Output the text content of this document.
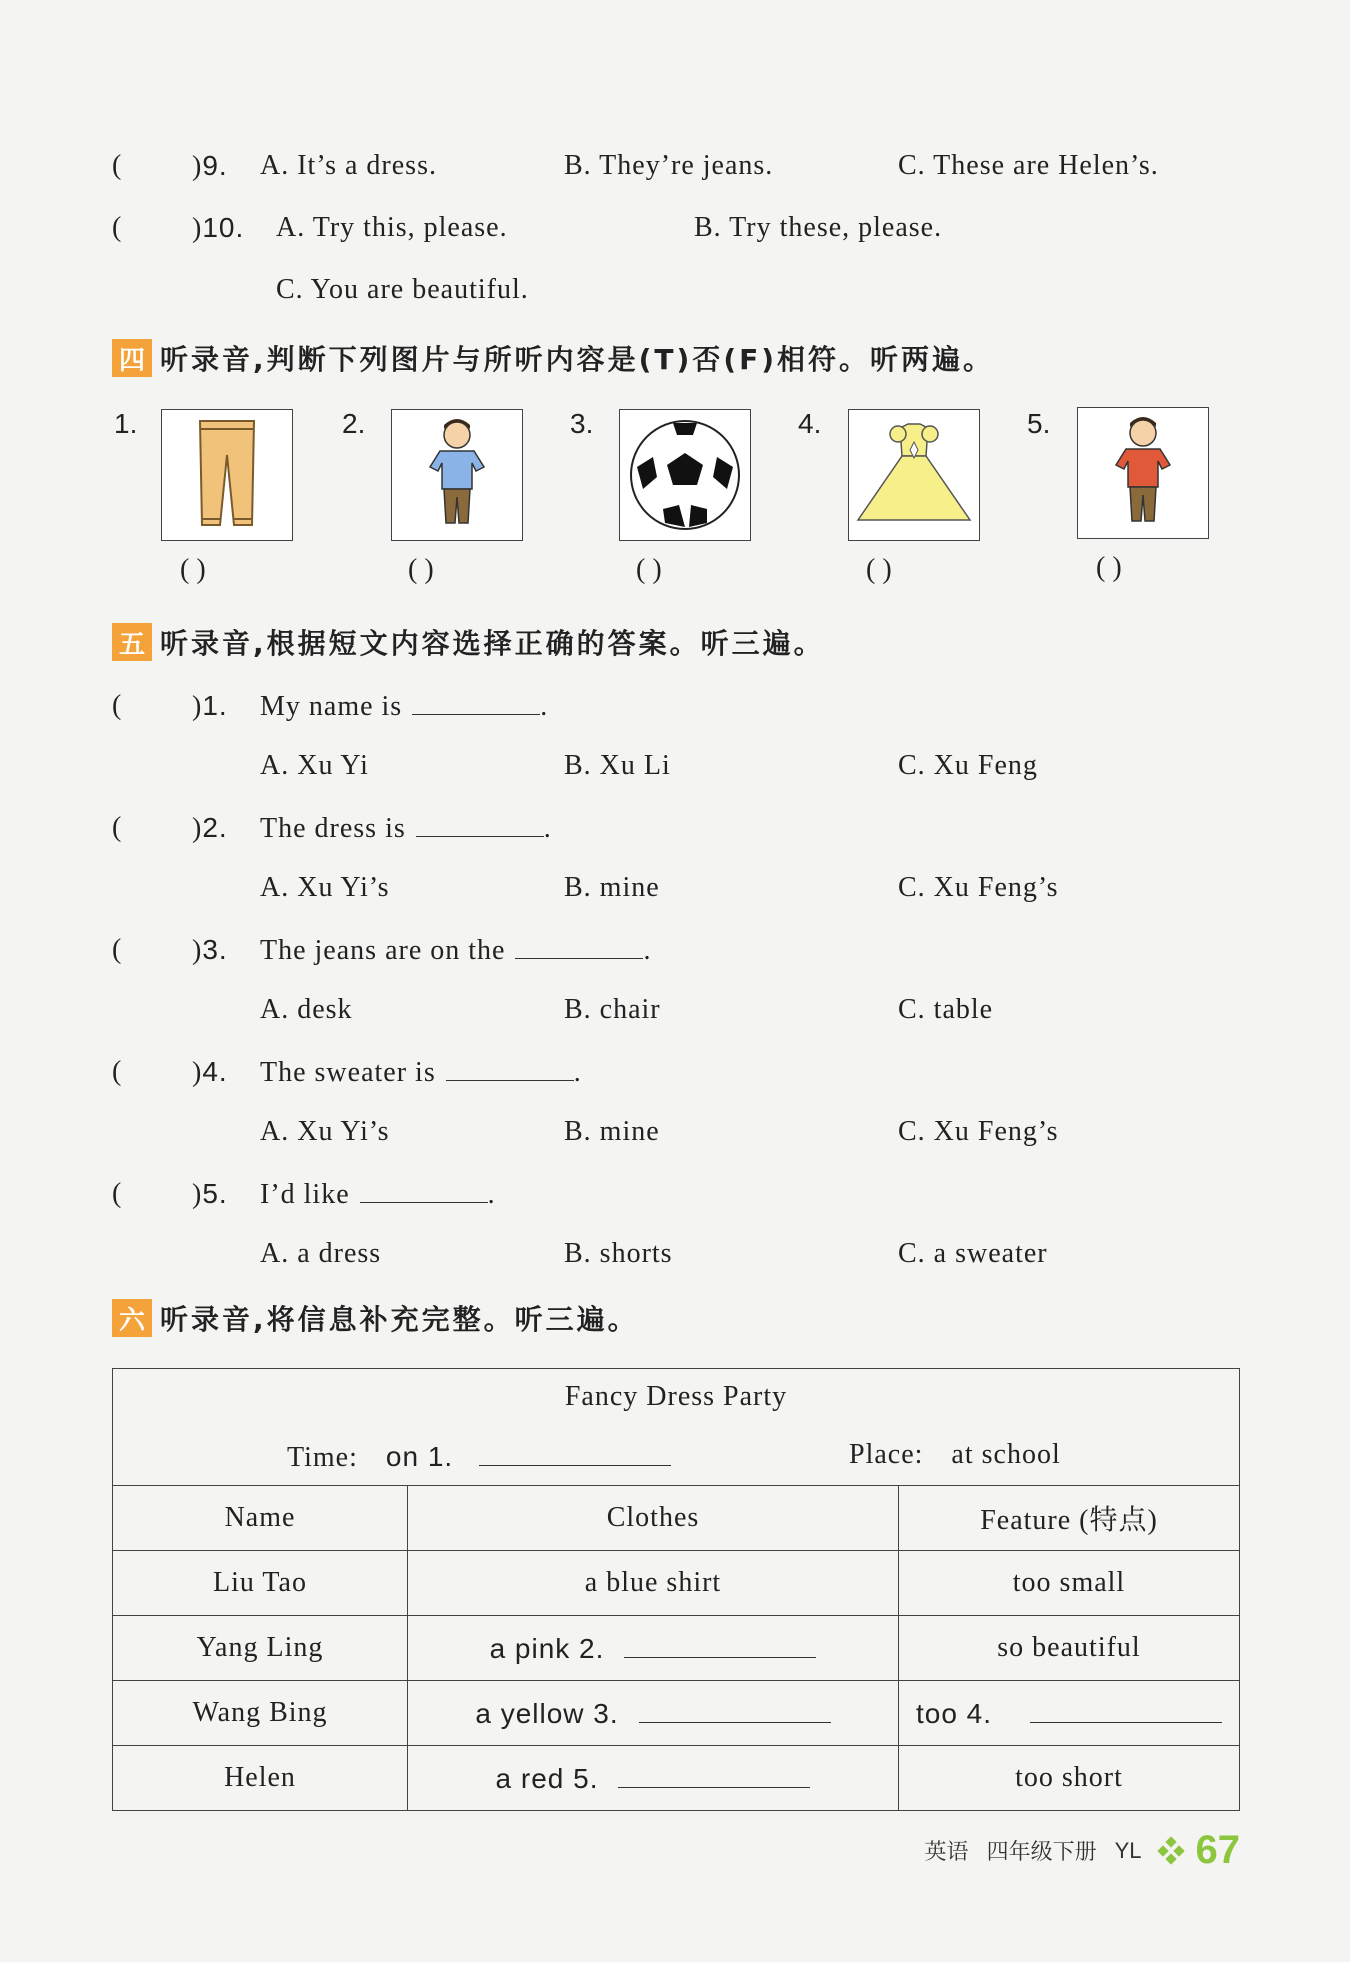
( )9. A. It’s a dress.	B. They’re jeans.	C. These are Helen’s.
( )10. A. Try this, please.	B. Try these, please.
C. You are beautiful.
四 听录音,判断下列图片与所听内容是(T)否(F)相符。听两遍。
1.
( )
2.
( )
3.
( )
4.
( )
5.
( )
五 听录音,根据短文内容选择正确的答案。听三遍。
( )1. My name is	.
A. Xu Yi	B. Xu Li	C. Xu Feng
( )2. The dress is	.
A. Xu Yi’s	B. mine	C. Xu Feng’s
( )3. The jeans are on the	.
A. desk	B. chair	C. table
( )4. The sweater is	.
A. Xu Yi’s	B. mine	C. Xu Feng’s
( )5. I’d like	.
A. a dress	B. shorts	C. a sweater
六 听录音,将信息补充完整。听三遍。
Fancy Dress Party
Time: on 1. Place: at school		

Name	Clothes	Feature (特点)
Liu Tao	a blue shirt	too small
Yang Ling	a pink 2.	so beautiful
Wang Bing	a yellow 3.	too 4.
Helen	a red 5.	too short
英语 四年级下册 YL 67
